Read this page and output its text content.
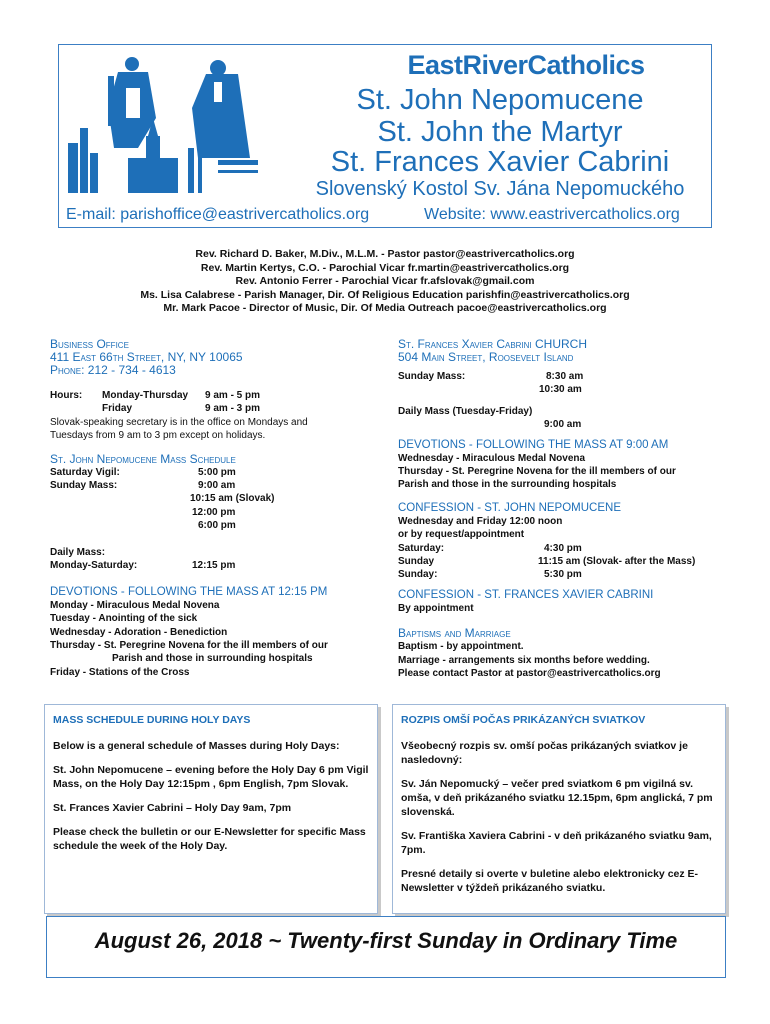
EastRiverCatholics
St. John Nepomucene
St. John the Martyr
St. Frances Xavier Cabrini
Slovenský Kostol Sv. Jána Nepomuckého
E-mail: parishoffice@eastrivercatholics.org	Website: www.eastrivercatholics.org
Rev. Richard D. Baker, M.Div., M.L.M. - Pastor pastor@eastrivercatholics.org
Rev. Martin Kertys, C.O. - Parochial Vicar fr.martin@eastrivercatholics.org
Rev. Antonio Ferrer - Parochial Vicar fr.afslovak@gmail.com
Ms. Lisa Calabrese - Parish Manager, Dir. Of Religious Education parishfin@eastrivercatholics.org
Mr. Mark Pacoe - Director of Music, Dir. Of Media Outreach pacoe@eastrivercatholics.org
Business Office
411 East 66th Street, NY, NY 10065
Phone: 212 - 734 - 4613
Hours: Monday-Thursday 9 am - 5 pm
Friday	9 am - 3 pm
Slovak-speaking secretary is in the office on Mondays and Tuesdays from 9 am to 3 pm except on holidays.
St. John Nepomucene Mass Schedule
Saturday Vigil:	5:00 pm
Sunday Mass:	9:00 am
10:15 am (Slovak)
12:00 pm
6:00 pm
Daily Mass:
Monday-Saturday:	12:15 pm
DEVOTIONS - FOLLOWING THE MASS AT 12:15 PM
Monday - Miraculous Medal Novena
Tuesday - Anointing of the sick
Wednesday - Adoration - Benediction
Thursday - St. Peregrine Novena for the ill members of our
Parish and those in surrounding hospitals
Friday - Stations of the Cross
St. Frances Xavier Cabrini CHURCH
504 Main Street, Roosevelt Island
Sunday Mass:	8:30 am
10:30 am
Daily Mass (Tuesday-Friday)
9:00 am
DEVOTIONS - FOLLOWING THE MASS AT 9:00 AM
Wednesday - Miraculous Medal Novena
Thursday - St. Peregrine Novena for the ill members of our
Parish and those in the surrounding hospitals
CONFESSION - ST. JOHN NEPOMUCENE
Wednesday and Friday 12:00 noon
or by request/appointment
Saturday:	4:30 pm
Sunday	11:15 am (Slovak- after the Mass)
Sunday:	5:30 pm
CONFESSION - ST. FRANCES XAVIER CABRINI
By appointment
Baptisms and Marriage
Baptism - by appointment.
Marriage - arrangements six months before wedding.
Please contact Pastor at pastor@eastrivercatholics.org
MASS SCHEDULE DURING HOLY DAYS

Below is a general schedule of Masses during Holy Days:

St. John Nepomucene – evening before the Holy Day 6 pm Vigil Mass, on the Holy Day 12:15pm , 6pm English, 7pm Slovak.

St. Frances Xavier Cabrini – Holy Day 9am, 7pm

Please check the bulletin or our E-Newsletter for specific Mass schedule the week of the Holy Day.

ROZPIS OMŠÍ POČAS PRIKÁZANÝCH SVIATKOV

Všeobecný rozpis sv. omší počas prikázaných sviatkov je nasledovný:

Sv. Ján Nepomucký – večer pred sviatkom 6 pm vigilná sv. omša, v deň prikázaného sviatku 12.15pm, 6pm anglická, 7 pm slovenská.

Sv. Františka Xaviera Cabrini - v deň prikázaného sviatku 9am, 7pm.

Presné detaily si overte v buletine alebo elektronicky cez E-Newsletter v týždeň prikázaného sviatku.

August 26, 2018 ~ Twenty-first Sunday in Ordinary Time
